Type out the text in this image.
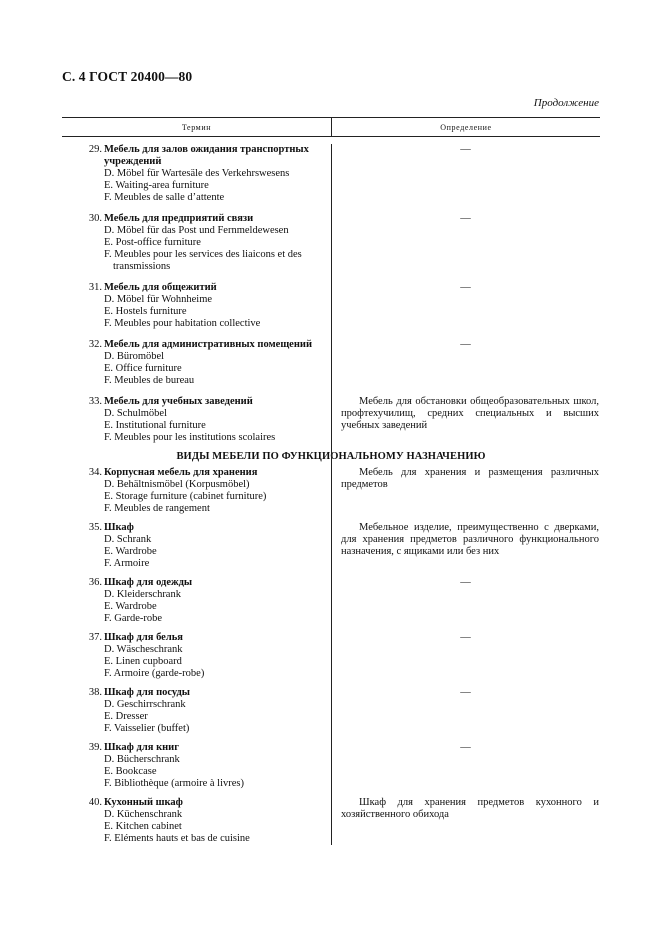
С. 4 ГОСТ 20400—80
Продолжение
Термин	Определение
29. Мебель для залов ожидания транспортных
учреждений
D. Möbel für Wartesäle des Verkehrswesens
E. Waiting-area furniture
F. Meubles de salle d’attente
—
30. Мебель для предприятий связи
D. Möbel für das Post und Fernmeldewesen
E. Post-office furniture
F. Meubles pour les services des liaicons et des
transmissions
—
31. Мебель для общежитий
D. Möbel für Wohnheime
E. Hostels furniture
F. Meubles pour habitation collective
—
32. Мебель для административных помещений
D. Büromöbel
E. Office furniture
F. Meubles de bureau
—
33. Мебель для учебных заведений
D. Schulmöbel
E. Institutional furniture
F. Meubles pour les institutions scolaires
Мебель для обстановки общеобразовательных школ, профтехучилищ, средних специальных и высших учебных заведений
ВИДЫ МЕБЕЛИ ПО ФУНКЦИОНАЛЬНОМУ НАЗНАЧЕНИЮ
34. Корпусная мебель для хранения
D. Behältnismöbel (Korpusmöbel)
E. Storage furniture (cabinet furniture)
F. Meubles de rangement
Мебель для хранения и размещения различных предметов
35. Шкаф
D. Schrank
E. Wardrobe
F. Armoire
Мебельное изделие, преимущественно с дверками, для хранения предметов различного функционального назначения, с ящиками или без них
36. Шкаф для одежды
D. Kleiderschrank
E. Wardrobe
F. Garde-robe
—
37. Шкаф для белья
D. Wäscheschrank
E. Linen cupboard
F. Armoire (garde-robe)
—
38. Шкаф для посуды
D. Geschirrschrank
E. Dresser
F. Vaisselier (buffet)
—
39. Шкаф для книг
D. Bücherschrank
E. Bookcase
F. Bibliothèque (armoire à livres)
—
40. Кухонный шкаф
D. Küchenschrank
E. Kitchen cabinet
F. Eléments hauts et bas de cuisine
Шкаф для хранения предметов кухонного и хозяйственного обихода
